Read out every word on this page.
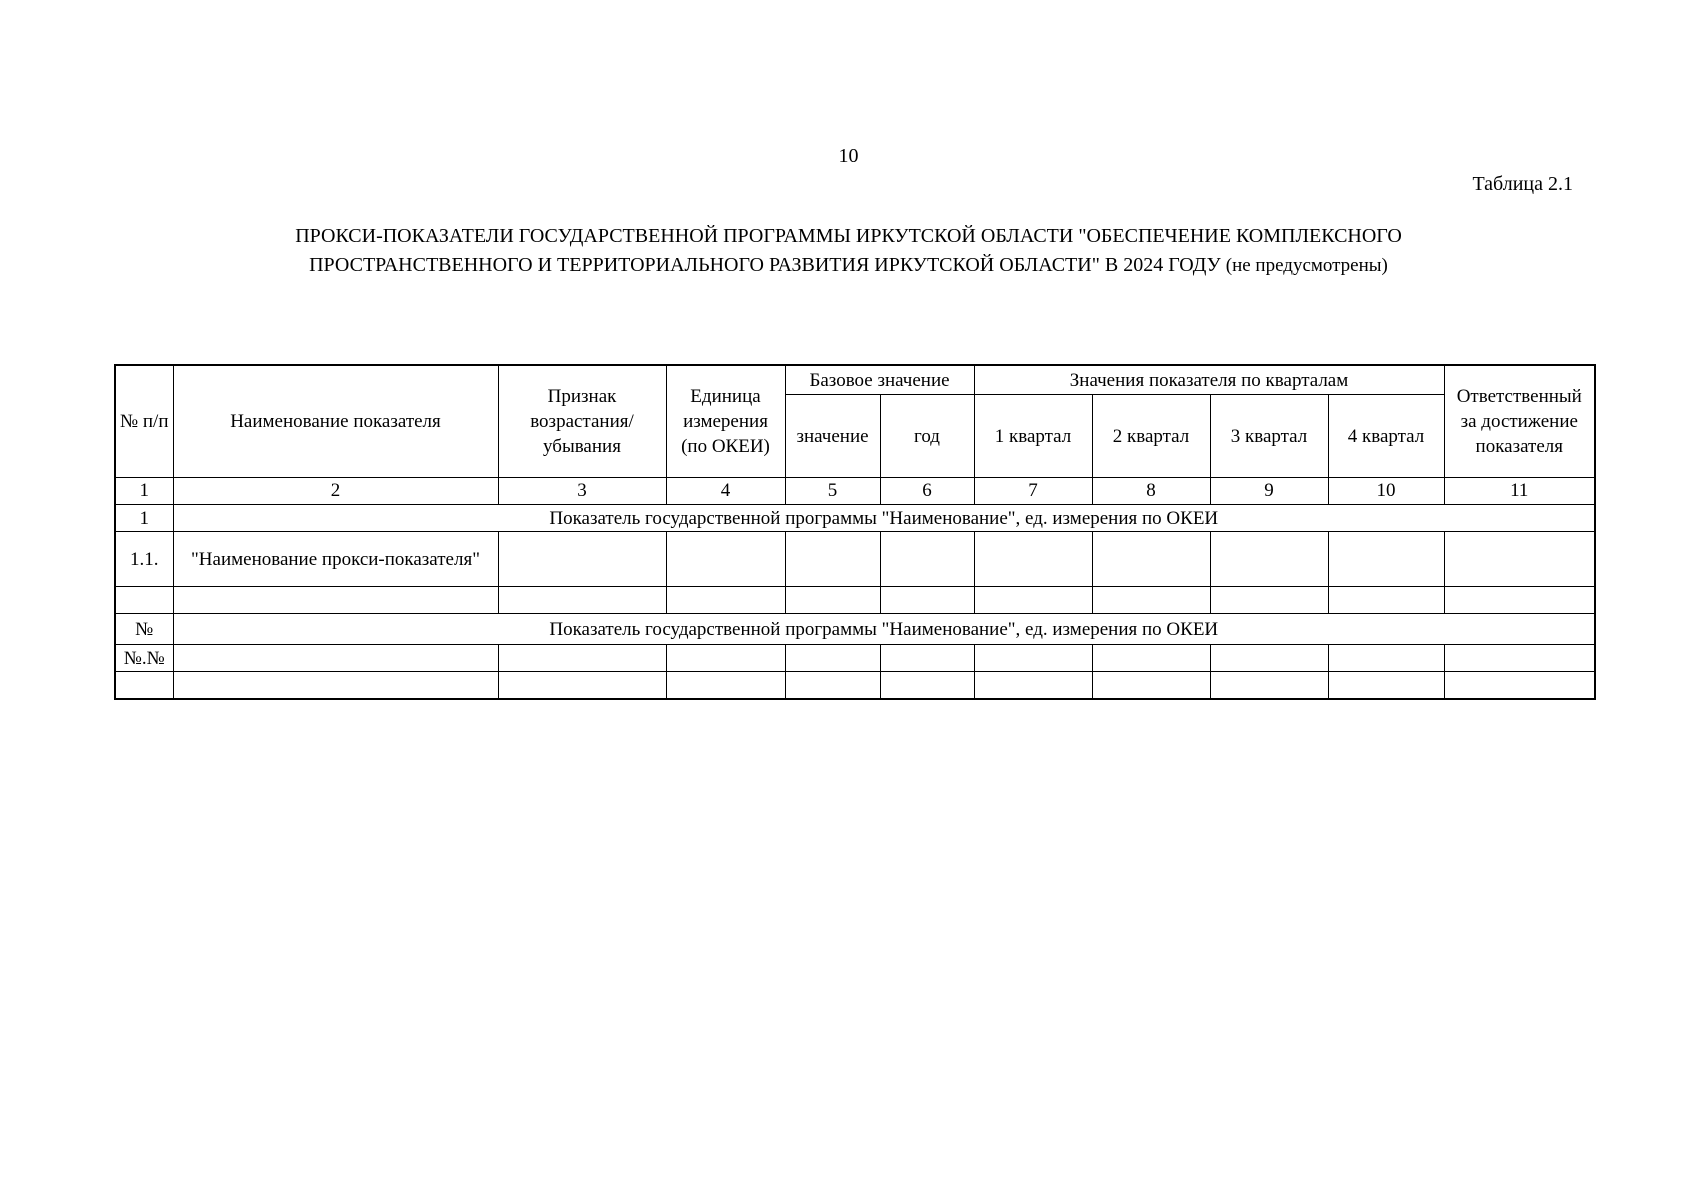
10
Таблица 2.1
ПРОКСИ-ПОКАЗАТЕЛИ ГОСУДАРСТВЕННОЙ ПРОГРАММЫ ИРКУТСКОЙ ОБЛАСТИ "ОБЕСПЕЧЕНИЕ КОМПЛЕКСНОГО
ПРОСТРАНСТВЕННОГО И ТЕРРИТОРИАЛЬНОГО РАЗВИТИЯ ИРКУТСКОЙ ОБЛАСТИ" В 2024 ГОДУ (не предусмотрены)
№ п/п	Наименование показателя	Признак возрастания/ убывания	Единица измерения (по ОКЕИ)	Базовое значение		Значения показателя по кварталам				Ответственный за достижение показателя
				значение	год	1 квартал	2 квартал	3 квартал	4 квартал	
1	2	3	4	5	6	7	8	9	10	11
1	Показатель государственной программы "Наименование", ед. измерения по ОКЕИ									
1.1.	"Наименование прокси-показателя"									

№	Показатель государственной программы "Наименование", ед. измерения по ОКЕИ									
№.№										
